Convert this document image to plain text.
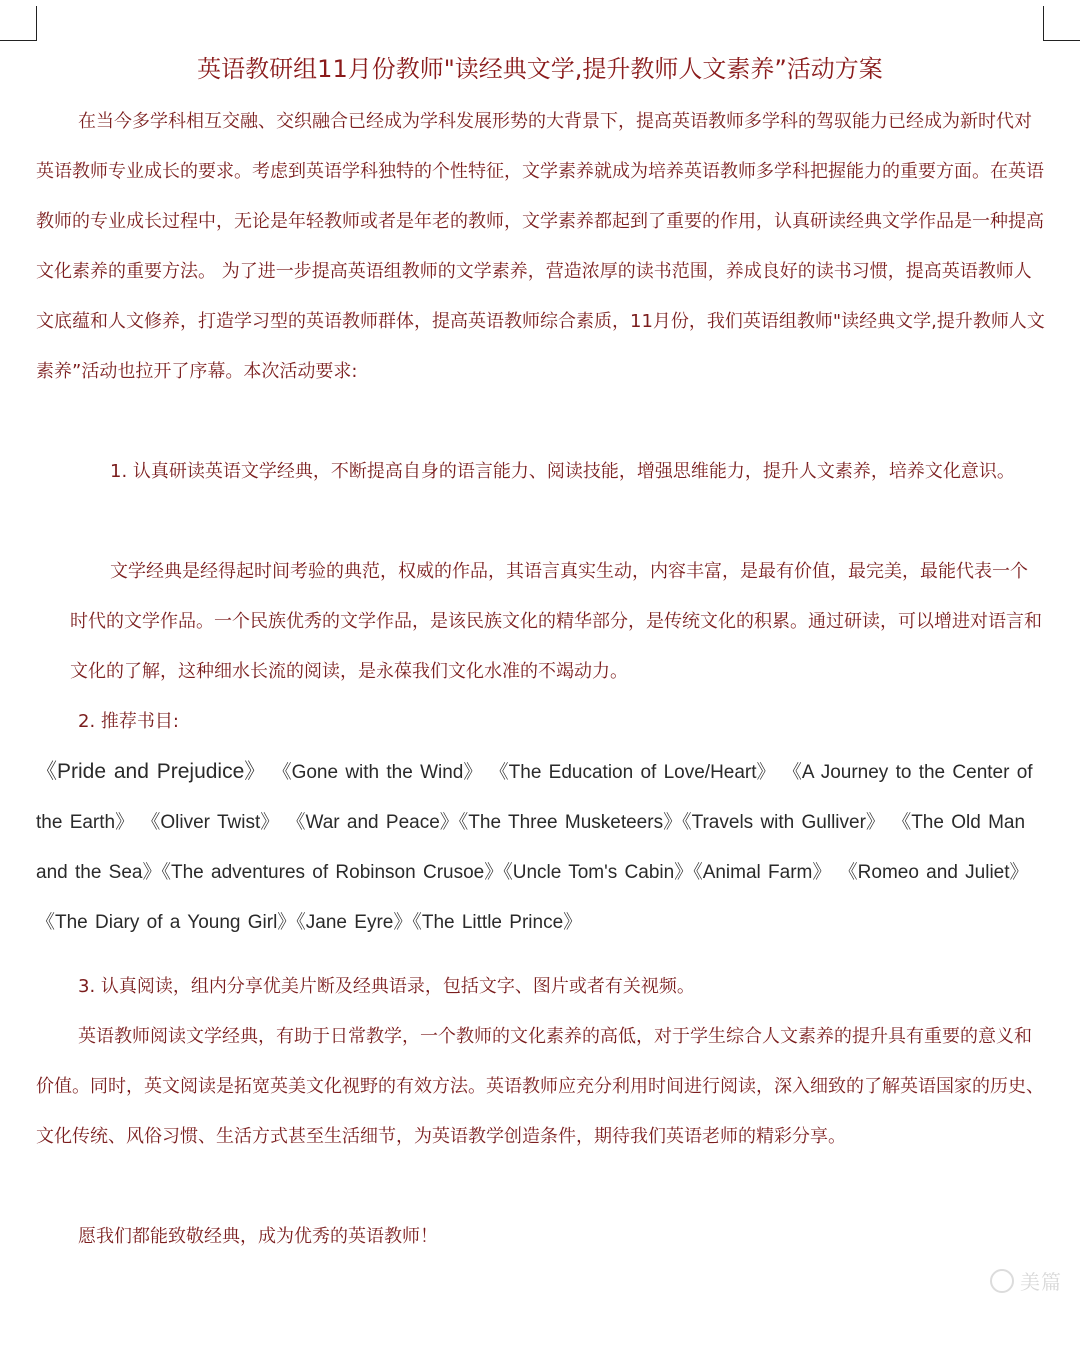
英语教研组11月份教师"读经典文学,提升教师人文素养”活动方案

在当今多学科相互交融、交织融合已经成为学科发展形势的大背景下，提高英语教师多学科的驾驭能力已经成为新时代对英语教师专业成长的要求。考虑到英语学科独特的个性特征，文学素养就成为培养英语教师多学科把握能力的重要方面。在英语教师的专业成长过程中，无论是年轻教师或者是年老的教师，文学素养都起到了重要的作用，认真研读经典文学作品是一种提高文化素养的重要方法。 为了进一步提高英语组教师的文学素养，营造浓厚的读书范围，养成良好的读书习惯，提高英语教师人文底蕴和人文修养，打造学习型的英语教师群体，提高英语教师综合素质，11月份，我们英语组教师"读经典文学,提升教师人文素养”活动也拉开了序幕。本次活动要求:

1. 认真研读英语文学经典，不断提高自身的语言能力、阅读技能，增强思维能力，提升人文素养，培养文化意识。

文学经典是经得起时间考验的典范，权威的作品，其语言真实生动，内容丰富，是最有价值，最完美，最能代表一个时代的文学作品。一个民族优秀的文学作品，是该民族文化的精华部分，是传统文化的积累。通过研读，可以增进对语言和文化的了解，这种细水长流的阅读，是永葆我们文化水准的不竭动力。

2. 推荐书目:

《Pride and Prejudice》 《Gone with the Wind》 《The Education of Love/Heart》 《A Journey to the Center of the Earth》 《Oliver Twist》 《War and Peace》《The Three Musketeers》《Travels with Gulliver》 《The Old Man and the Sea》《The adventures of Robinson Crusoe》《Uncle Tom's Cabin》《Animal Farm》 《Romeo and Juliet》《The Diary of a Young Girl》《Jane Eyre》《The Little Prince》

3. 认真阅读，组内分享优美片断及经典语录，包括文字、图片或者有关视频。

英语教师阅读文学经典，有助于日常教学，一个教师的文化素养的高低，对于学生综合人文素养的提升具有重要的意义和价值。同时，英文阅读是拓宽英美文化视野的有效方法。英语教师应充分利用时间进行阅读，深入细致的了解英语国家的历史、文化传统、风俗习惯、生活方式甚至生活细节，为英语教学创造条件，期待我们英语老师的精彩分享。

愿我们都能致敬经典，成为优秀的英语教师！

美篇
